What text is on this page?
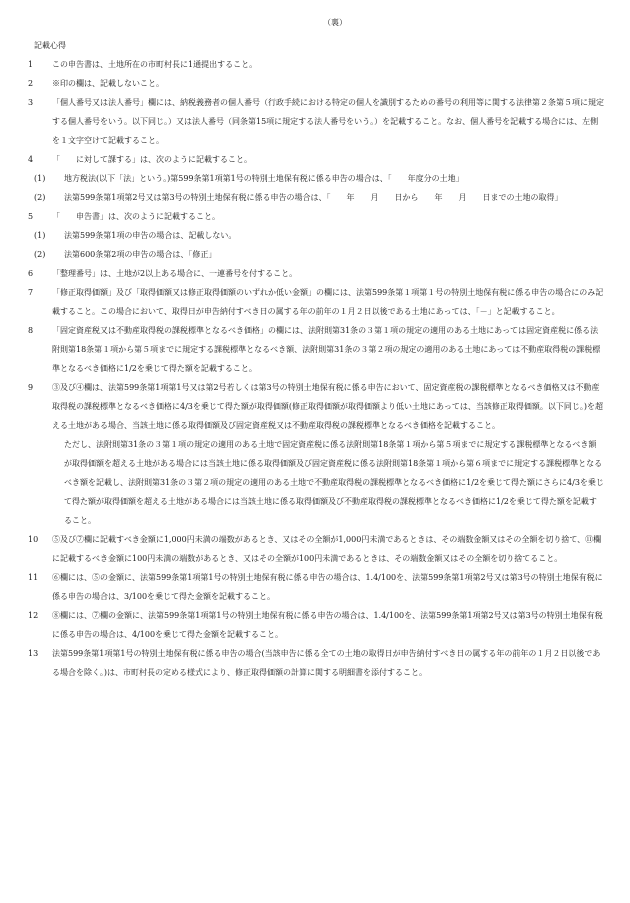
（裏）
記載心得
1	この申告書は、土地所在の市町村長に1通提出すること。
2	※印の欄は、記載しないこと。
3	「個人番号又は法人番号」欄には、納税義務者の個人番号（行政手続における特定の個人を識別するための番号の利用等に関する法律第２条第５項に規定する個人番号をいう。以下同じ。）又は法人番号（同条第15項に規定する法人番号をいう。）を記載すること。なお、個人番号を記載する場合には、左側を１文字空けて記載すること。
4	「　　に対して課する」は、次のように記載すること。
(1)	地方税法(以下「法」という。)第599条第1項第1号の特別土地保有税に係る申告の場合は、「　　年度分の土地」
(2)	法第599条第1項第2号又は第3号の特別土地保有税に係る申告の場合は、「　　年　　月　　日から　　年　　月　　日までの土地の取得」
5	「　　申告書」は、次のように記載すること。
(1)	法第599条第1項の申告の場合は、記載しない。
(2)	法第600条第2項の申告の場合は、「修正」
6	「整理番号」は、土地が2以上ある場合に、一連番号を付すること。
7	「修正取得価額」及び「取得価額又は修正取得価額のいずれか低い金額」の欄には、法第599条第１項第１号の特別土地保有税に係る申告の場合にのみ記載すること。この場合において、取得日が申告納付すべき日の属する年の前年の１月２日以後である土地にあっては、「－」と記載すること。
8	「固定資産税又は不動産取得税の課税標準となるべき価格」の欄には、法附則第31条の３第１項の規定の適用のある土地にあっては固定資産税に係る法附則第18条第１項から第５項までに規定する課税標準となるべき額、法附則第31条の３第２項の規定の適用のある土地にあっては不動産取得税の課税標準となるべき価格に1/2を乗じて得た額を記載すること。
9	③及び④欄は、法第599条第1項第1号又は第2号若しくは第3号の特別土地保有税に係る申告において、固定資産税の課税標準となるべき価格又は不動産取得税の課税標準となるべき価格に4/3を乗じて得た額が取得価額(修正取得価額が取得価額より低い土地にあっては、当該修正取得価額。以下同じ。)を超える土地がある場合、当該土地に係る取得価額及び固定資産税又は不動産取得税の課税標準となるべき価格を記載すること。
ただし、法附則第31条の３第１項の規定の適用のある土地で固定資産税に係る法附則第18条第１項から第５項までに規定する課税標準となるべき額が取得価額を超える土地がある場合には当該土地に係る取得価額及び固定資産税に係る法附則第18条第１項から第６項までに規定する課税標準となるべき額を記載し、法附則第31条の３第２項の規定の適用のある土地で不動産取得税の課税標準となるべき価格に1/2を乗じて得た額にさらに4/3を乗じて得た額が取得価額を超える土地がある場合には当該土地に係る取得価額及び不動産取得税の課税標準となるべき価格に1/2を乗じて得た額を記載すること。
10	⑤及び⑦欄に記載すべき金額に1,000円未満の端数があるとき、又はその全額が1,000円未満であるときは、その端数金額又はその全額を切り捨て、⑪欄に記載するべき金額に100円未満の端数があるとき、又はその全額が100円未満であるときは、その端数金額又はその全額を切り捨てること。
11	⑥欄には、⑤の金額に、法第599条第1項第1号の特別土地保有税に係る申告の場合は、1.4/100を、法第599条第1項第2号又は第3号の特別土地保有税に係る申告の場合は、3/100を乗じて得た金額を記載すること。
12	⑧欄には、⑦欄の金額に、法第599条第1項第1号の特別土地保有税に係る申告の場合は、1.4/100を、法第599条第1項第2号又は第3号の特別土地保有税に係る申告の場合は、4/100を乗じて得た金額を記載すること。
13	法第599条第1項第1号の特別土地保有税に係る申告の場合(当該申告に係る全ての土地の取得日が申告納付すべき日の属する年の前年の１月２日以後である場合を除く。)は、市町村長の定める様式により、修正取得価額の計算に関する明細書を添付すること。
